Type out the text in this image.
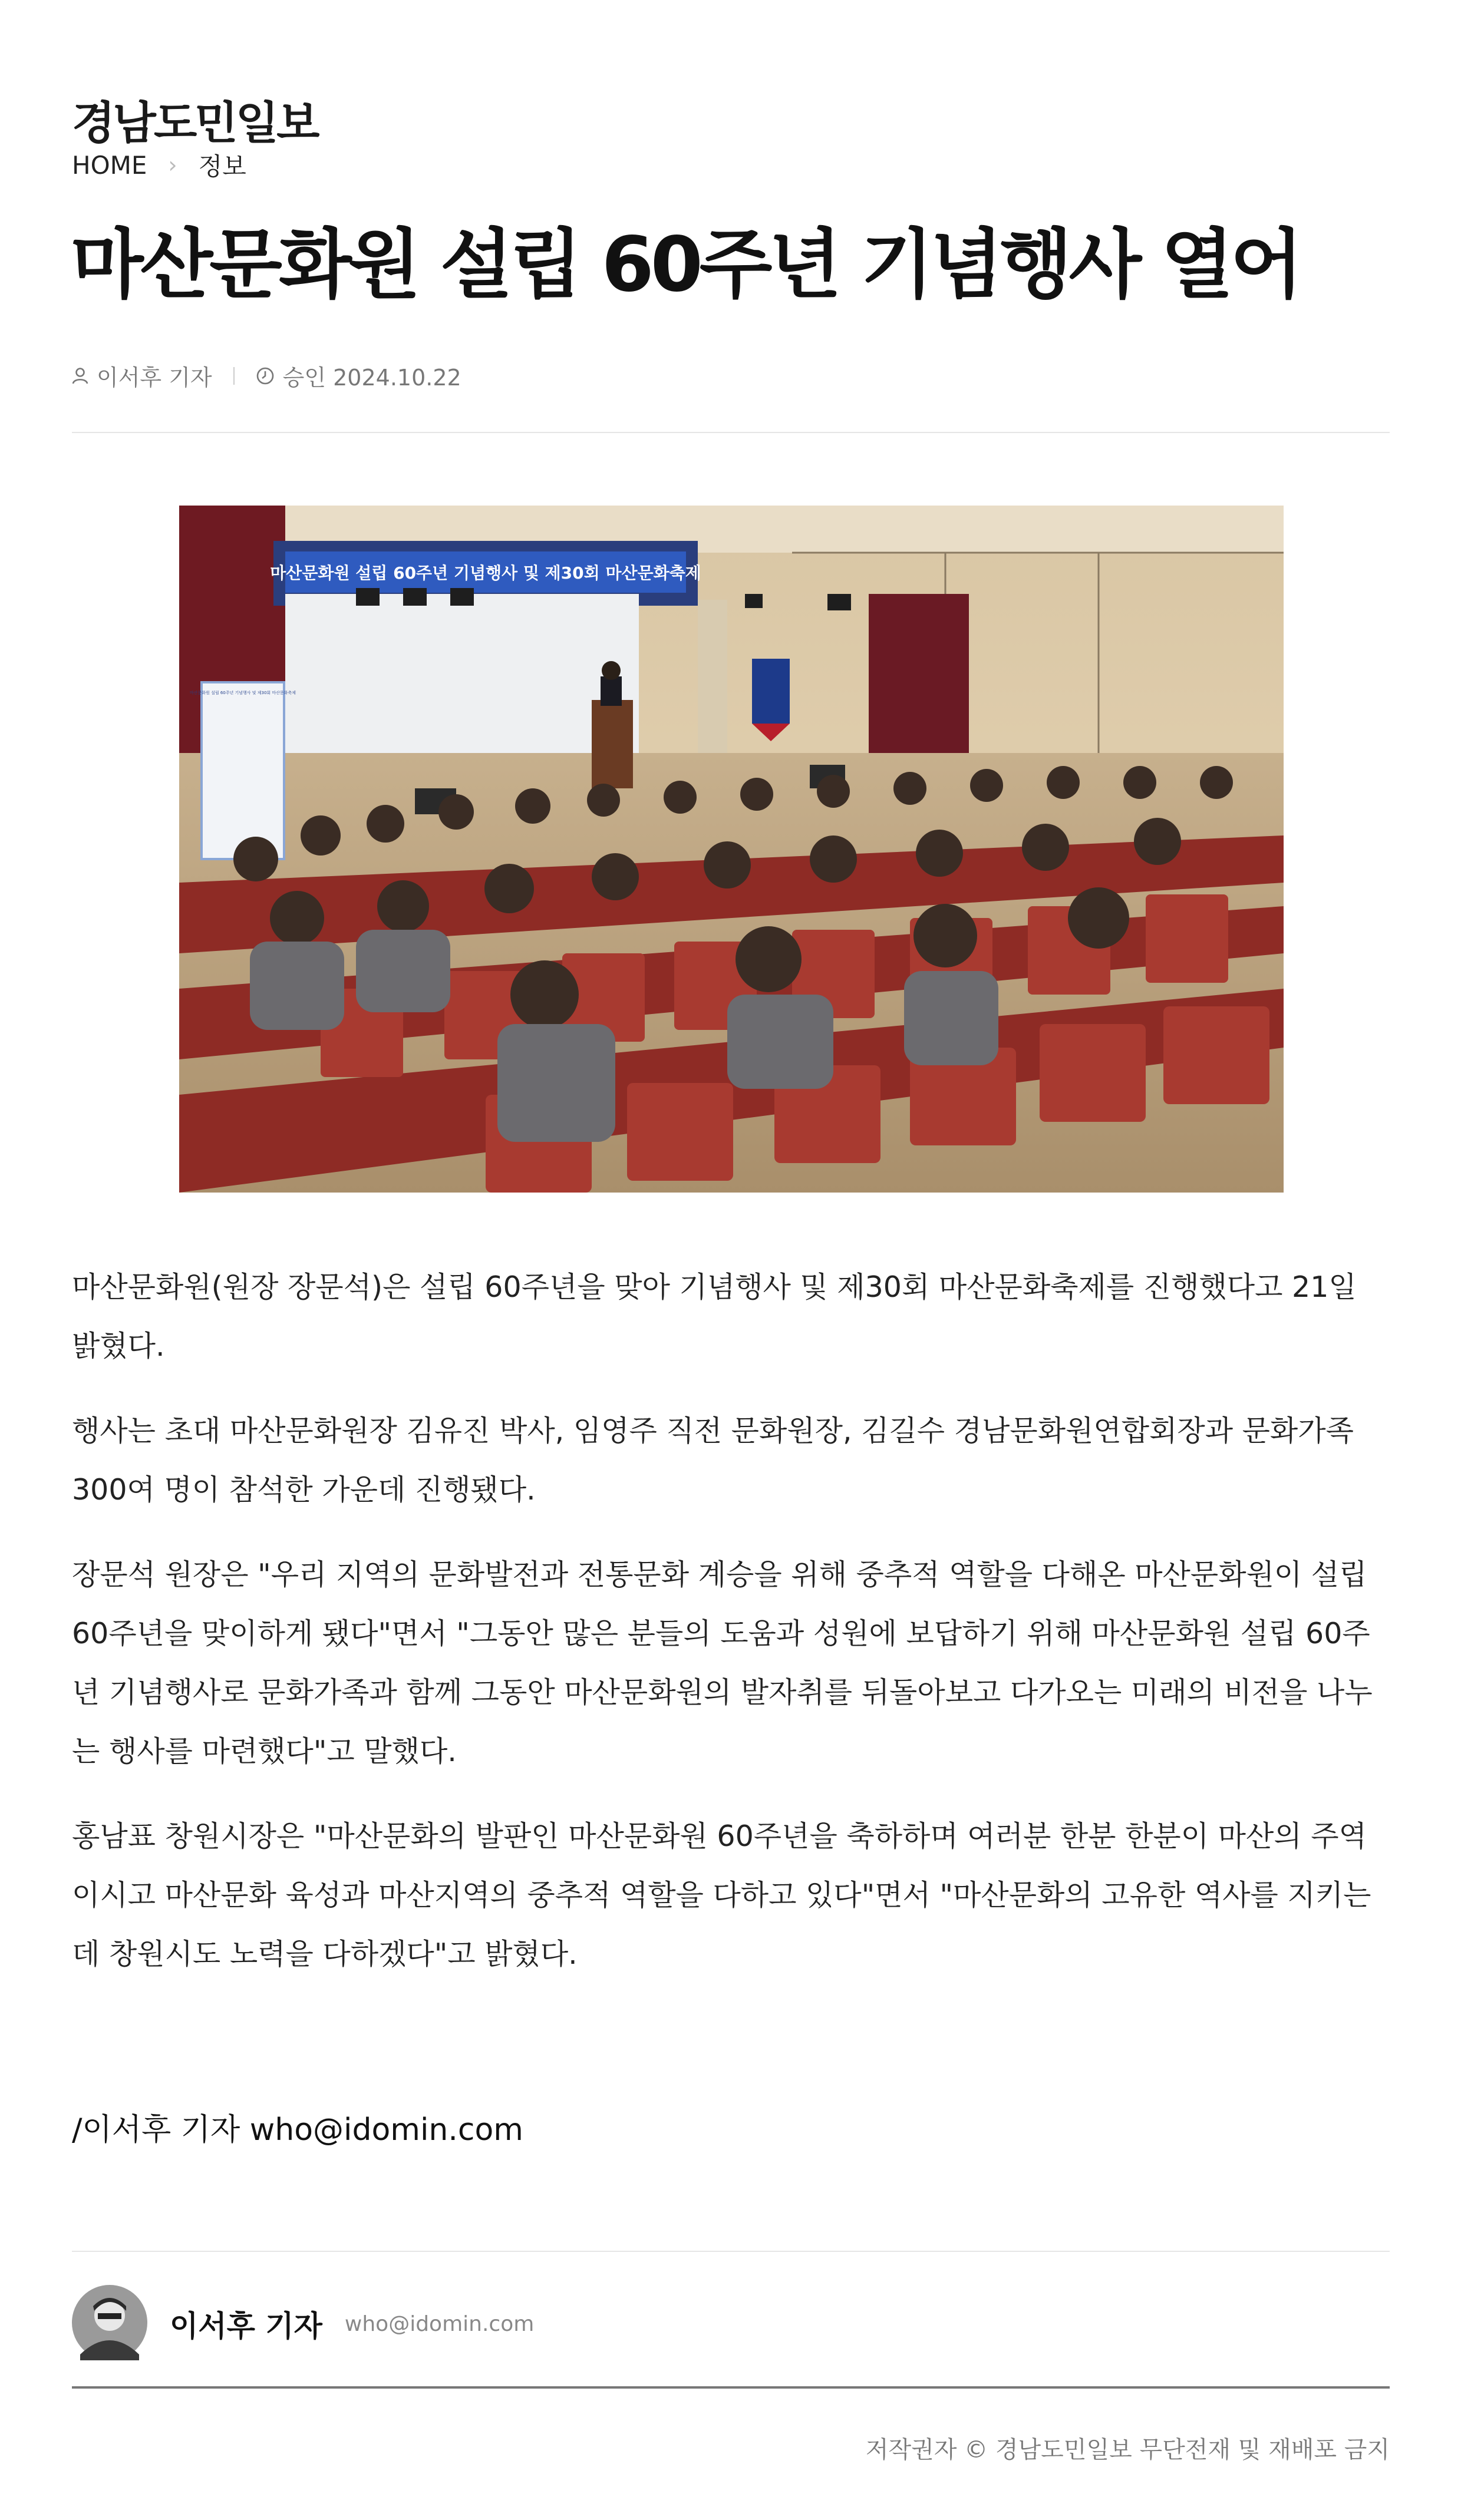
경남도민일보
HOME › 정보
마산문화원 설립 60주년 기념행사 열어
이서후 기자	승인 2024.10.22
마산문화원 설립 60주년 기념행사 및 제30회 마산문화축제
마산문화원 설립 60주년 기념행사 및 제30회 마산문화축제

마산문화원(원장 장문석)은 설립 60주년을 맞아 기념행사 및 제30회 마산문화축제를 진행했다고 21일 밝혔다.

행사는 초대 마산문화원장 김유진 박사, 임영주 직전 문화원장, 김길수 경남문화원연합회장과 문화가족 300여 명이 참석한 가운데 진행됐다.

장문석 원장은 "우리 지역의 문화발전과 전통문화 계승을 위해 중추적 역할을 다해온 마산문화원이 설립 60주년을 맞이하게 됐다"면서 "그동안 많은 분들의 도움과 성원에 보답하기 위해 마산문화원 설립 60주년 기념행사로 문화가족과 함께 그동안 마산문화원의 발자취를 뒤돌아보고 다가오는 미래의 비전을 나누는 행사를 마련했다"고 말했다.

홍남표 창원시장은 "마산문화의 발판인 마산문화원 60주년을 축하하며 여러분 한분 한분이 마산의 주역이시고 마산문화 육성과 마산지역의 중추적 역할을 다하고 있다"면서 "마산문화의 고유한 역사를 지키는데 창원시도 노력을 다하겠다"고 밝혔다.

/이서후 기자 who@idomin.com
이서후 기자 who@idomin.com
저작권자 © 경남도민일보 무단전재 및 재배포 금지
